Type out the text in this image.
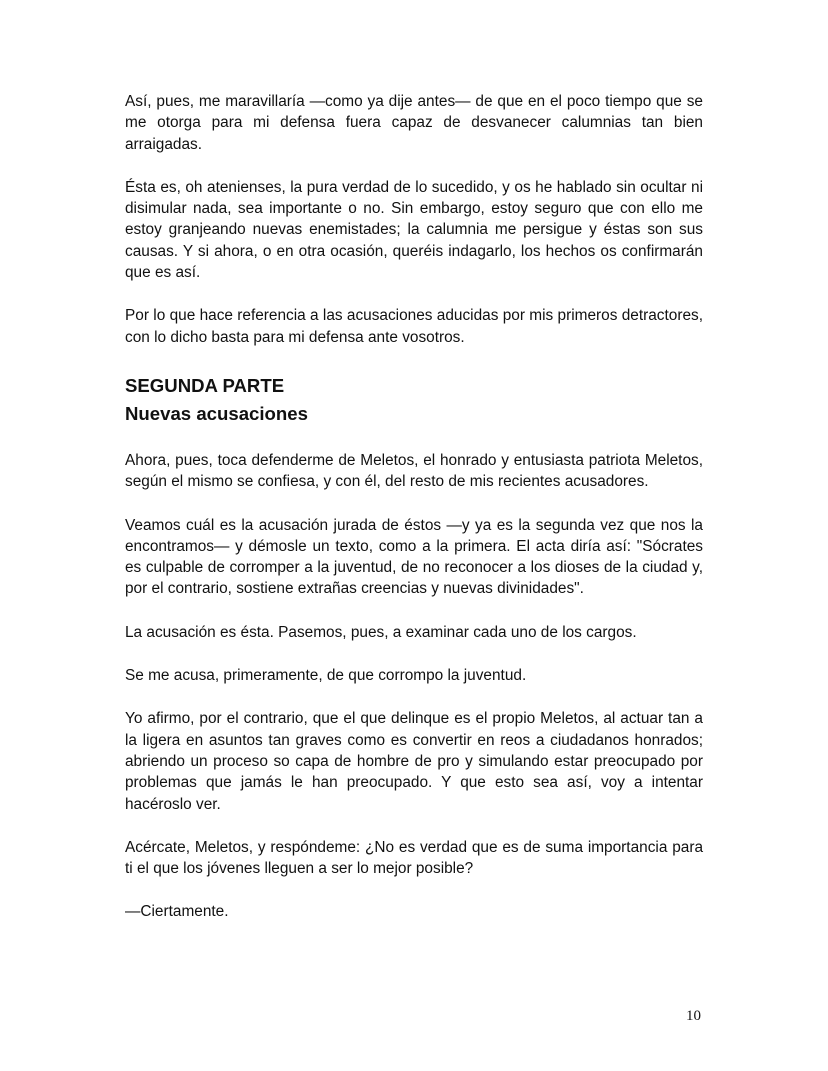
Así, pues, me maravillaría —como ya dije antes— de que en el poco tiempo que se me otorga para mi defensa fuera capaz de desvanecer calumnias tan bien arraigadas.

Ésta es, oh atenienses, la pura verdad de lo sucedido, y os he hablado sin ocultar ni disimular nada, sea importante o no. Sin embargo, estoy seguro que con ello me estoy granjeando nuevas enemistades; la calumnia me persigue y éstas son sus causas. Y si ahora, o en otra ocasión, queréis indagarlo, los hechos os confirmarán que es así.

Por lo que hace referencia a las acusaciones aducidas por mis primeros detractores, con lo dicho basta para mi defensa ante vosotros.

SEGUNDA PARTE
Nuevas acusaciones

Ahora, pues, toca defenderme de Meletos, el honrado y entusiasta patriota Meletos, según el mismo se confiesa, y con él, del resto de mis recientes acusadores.

Veamos cuál es la acusación jurada de éstos —y ya es la segunda vez que nos la encontramos— y démosle un texto, como a la primera. El acta diría así: "Sócrates es culpable de corromper a la juventud, de no reconocer a los dioses de la ciudad y, por el contrario, sostiene extrañas creencias y nuevas divinidades".

La acusación es ésta. Pasemos, pues, a examinar cada uno de los cargos.

Se me acusa, primeramente, de que corrompo la juventud.

Yo afirmo, por el contrario, que el que delinque es el propio Meletos, al actuar tan a la ligera en asuntos tan graves como es convertir en reos a ciudadanos honrados; abriendo un proceso so capa de hombre de pro y simulando estar preocupado por problemas que jamás le han preocupado. Y que esto sea así, voy a intentar hacéroslo ver.

Acércate, Meletos, y respóndeme: ¿No es verdad que es de suma importancia para ti el que los jóvenes lleguen a ser lo mejor posible?

—Ciertamente.

10
